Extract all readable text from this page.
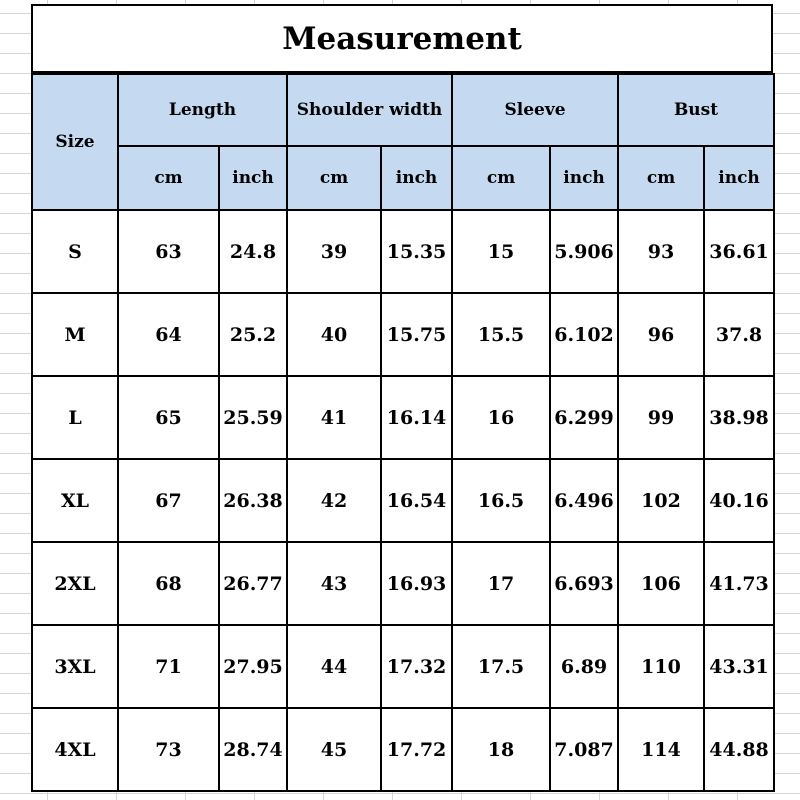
Measurement
Size	Length		Shoulder width		Sleeve		Bust	
	cm	inch	cm	inch	cm	inch	cm	inch
S	63	24.8	39	15.35	15	5.906	93	36.61
M	64	25.2	40	15.75	15.5	6.102	96	37.8
L	65	25.59	41	16.14	16	6.299	99	38.98
XL	67	26.38	42	16.54	16.5	6.496	102	40.16
2XL	68	26.77	43	16.93	17	6.693	106	41.73
3XL	71	27.95	44	17.32	17.5	6.89	110	43.31
4XL	73	28.74	45	17.72	18	7.087	114	44.88
